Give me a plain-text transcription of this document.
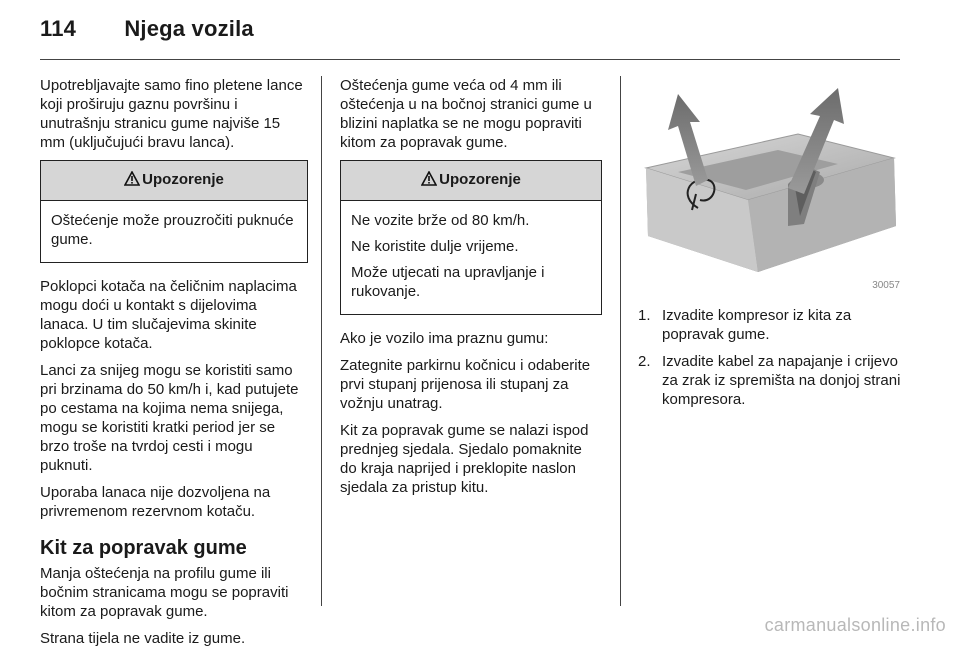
114 Njega vozila

Upotrebljavajte samo fino pletene lance koji proširuju gaznu površinu i unutrašnju stranicu gume najviše 15 mm (uključujući bravu lanca).

Upozorenje

Oštećenje može prouzročiti puknuće gume.

Poklopci kotača na čeličnim naplacima mogu doći u kontakt s dijelovima lanaca. U tim slučajevima skinite poklopce kotača.

Lanci za snijeg mogu se koristiti samo pri brzinama do 50 km/h i, kad putujete po cestama na kojima nema snijega, mogu se koristiti kratki period jer se brzo troše na tvrdoj cesti i mogu puknuti.

Uporaba lanaca nije dozvoljena na privremenom rezervnom kotaču.

Kit za popravak gume

Manja oštećenja na profilu gume ili bočnim stranicama mogu se popraviti kitom za popravak gume.

Strana tijela ne vadite iz gume.

Oštećenja gume veća od 4 mm ili oštećenja u na bočnoj stranici gume u blizini naplatka se ne mogu popraviti kitom za popravak gume.

Upozorenje

Ne vozite brže od 80 km/h.

Ne koristite dulje vrijeme.

Može utjecati na upravljanje i rukovanje.

Ako je vozilo ima praznu gumu:

Zategnite parkirnu kočnicu i odaberite prvi stupanj prijenosa ili stupanj za vožnju unatrag.

Kit za popravak gume se nalazi ispod prednjeg sjedala. Sjedalo pomaknite do kraja naprijed i preklopite naslon sjedala za pristup kitu.

30057
1. Izvadite kompresor iz kita za popravak gume.
2. Izvadite kabel za napajanje i crijevo za zrak iz spremišta na donjoj strani kompresora.
carmanualsonline.info
